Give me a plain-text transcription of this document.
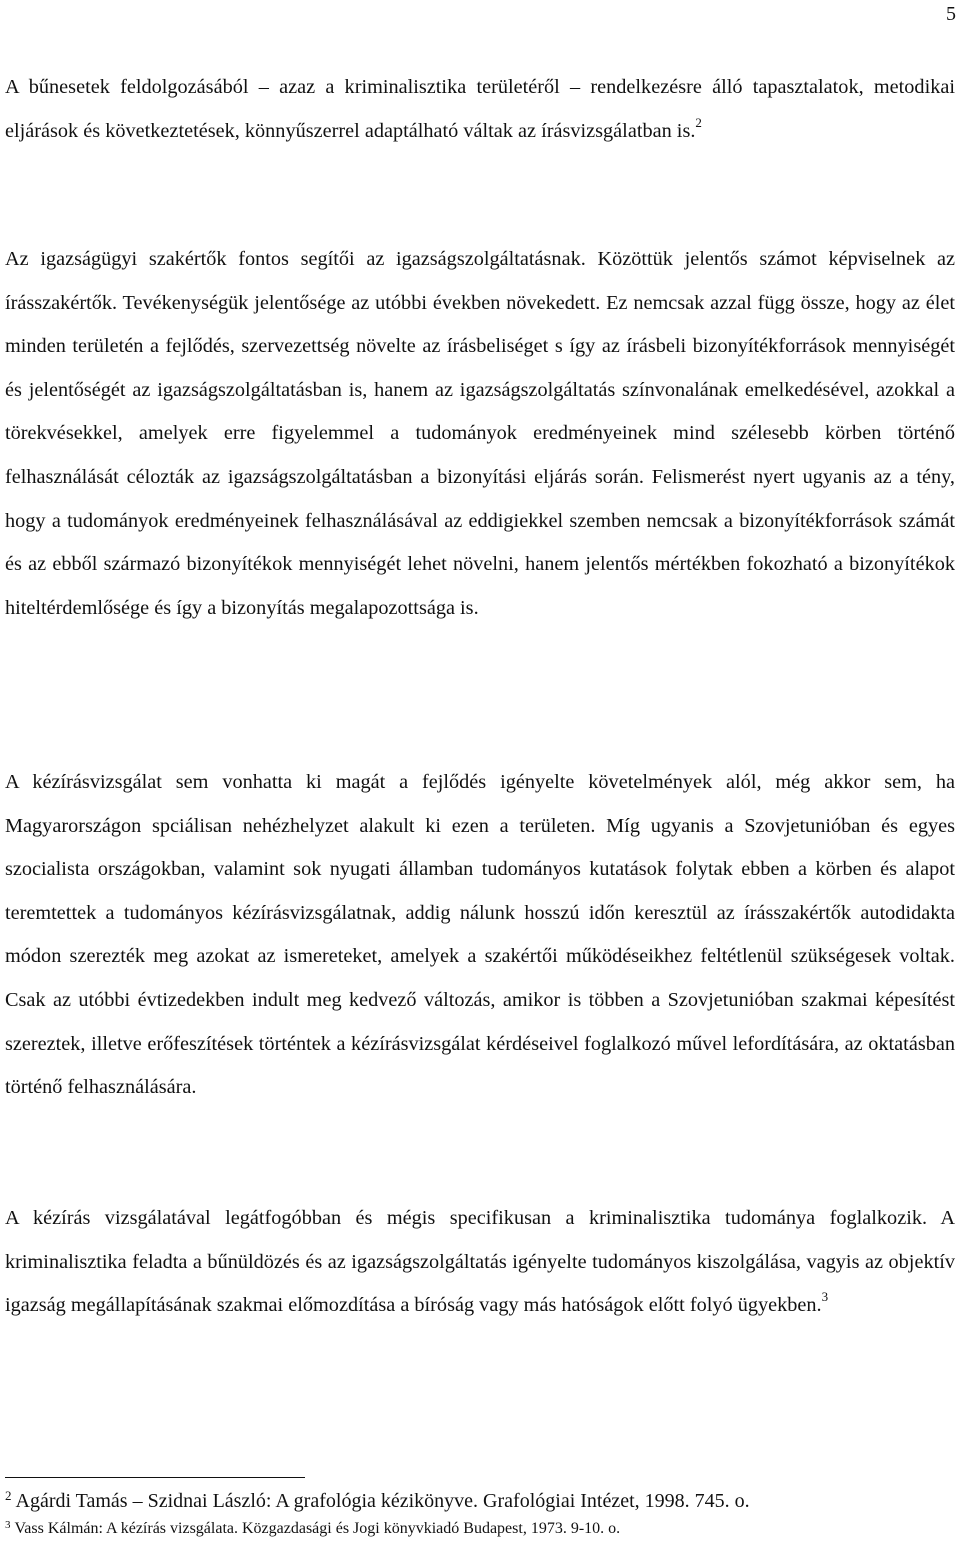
5

A bűnesetek feldolgozásából – azaz a kriminalisztika területéről – rendelkezésre álló tapasztalatok, metodikai eljárások és következtetések, könnyűszerrel adaptálható váltak az írásvizsgálatban is.$^2$

Az igazságügyi szakértők fontos segítői az igazságszolgáltatásnak. Közöttük jelentős számot képviselnek az írásszakértők. Tevékenységük jelentősége az utóbbi években növekedett. Ez nemcsak azzal függ össze, hogy az élet minden területén a fejlődés, szervezettség növelte az írásbeliséget s így az írásbeli bizonyítékforrások mennyiségét és jelentőségét az igazságszolgáltatásban is, hanem az igazságszolgáltatás színvonalának emelkedésével, azokkal a törekvésekkel, amelyek erre figyelemmel a tudományok eredményeinek mind szélesebb körben történő felhasználását célozták az igazságszolgáltatásban a bizonyítási eljárás során. Felismerést nyert ugyanis az a tény, hogy a tudományok eredményeinek felhasználásával az eddigiekkel szemben nemcsak a bizonyítékforrások számát és az ebből származó bizonyítékok mennyiségét lehet növelni, hanem jelentős mértékben fokozható a bizonyítékok hiteltérdemlősége és így a bizonyítás megalapozottsága is.

A kézírásvizsgálat sem vonhatta ki magát a fejlődés igényelte követelmények alól, még akkor sem, ha Magyarországon spciálisan nehézhelyzet alakult ki ezen a területen. Míg ugyanis a Szovjetunióban és egyes szocialista országokban, valamint sok nyugati államban tudományos kutatások folytak ebben a körben és alapot teremtettek a tudományos kézírásvizsgálatnak, addig nálunk hosszú időn keresztül az írásszakértők autodidakta módon szerezték meg azokat az ismereteket, amelyek a szakértői működéseikhez feltétlenül szükségesek voltak. Csak az utóbbi évtizedekben indult meg kedvező változás, amikor is többen a Szovjetunióban szakmai képesítést szereztek, illetve erőfeszítések történtek a kézírásvizsgálat kérdéseivel foglalkozó művel lefordítására, az oktatásban történő felhasználására.

A kézírás vizsgálatával legátfogóbban és mégis specifikusan a kriminalisztika tudománya foglalkozik. A kriminalisztika feladta a bűnüldözés és az igazságszolgáltatás igényelte tudományos kiszolgálása, vagyis az objektív igazság megállapításának szakmai előmozdítása a bíróság vagy más hatóságok előtt folyó ügyekben.$^3$

$^2$ Agárdi Tamás – Szidnai László: A grafológia kézikönyve. Grafológiai Intézet, 1998. 745. o.

$^3$ Vass Kálmán: A kézírás vizsgálata. Közgazdasági és Jogi könyvkiadó Budapest, 1973. 9-10. o.
